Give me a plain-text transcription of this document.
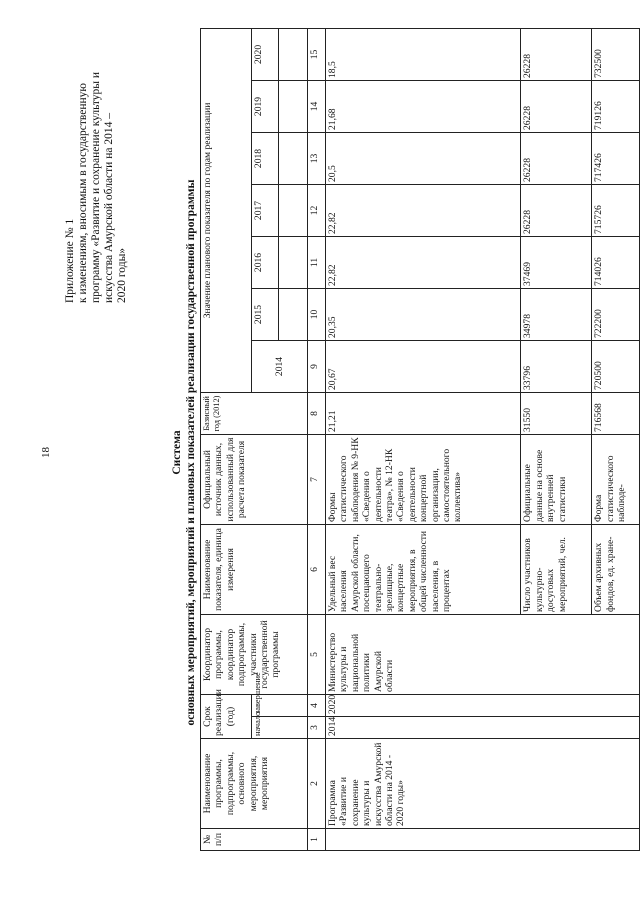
18
Приложение № 1 к изменениям, вносимым в государственную программу «Развитие и сохранение культуры и искусства Амурской области на 2014 – 2020 годы»
Система основных мероприятий, мероприятий и плановых показателей реализации государственной программы
№ п/п	Наименование программы, подпрограммы, основного мероприятия, мероприятия	Срок реализации (год)		Координатор программы, координатор подпрограммы, участники государственной программы	Наименование показателя, единица измерения	Официальный источник данных, использованный для расчета показателя	Базисный год (2012)	Значение планового показателя по годам реализации						
		начало	завершение					2014	2015	2016	2017	2018	2019	2020

1	2	3	4	5	6	7	8	9	10	11	12	13	14	15
	Программа «Развитие и сохранение культуры и искусства Амурской области на 2014 - 2020 годы»	2014	2020	Министерство культуры и национальной политики Амурской области	Удельный вес населения Амурской области, посещающего театрально-зрелищные, концертные мероприятия, в общей численности населения, в процентах	Формы статистического наблюдения № 9-НК «Сведения о деятельности театра», № 12-НК «Сведения о деятельности концертной организации, самостоятельного коллектива»	21,21	20,67	20,35	22,82	22,82	20,5	21,68	18,5
					Число участников культурно-досуговых мероприятий, чел.	Официальные данные на основе внутренней статистики	31550	33796	34978	37469	26228	26228	26228	26228
					Объем архивных фондов, ед. хране-	Форма статистического наблюде-	716568	720500	722200	714026	715726	717426	719126	732500
